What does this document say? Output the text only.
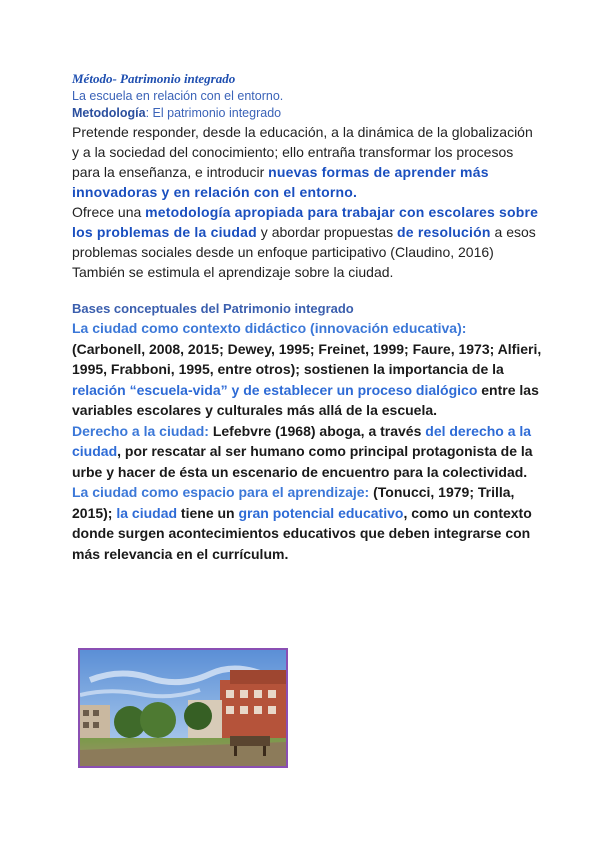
Método- Patrimonio integrado
La escuela en relación con el entorno.
Metodología: El patrimonio integrado
Pretende responder, desde la educación, a la dinámica de la globalización y a la sociedad del conocimiento; ello entraña transformar los procesos para la enseñanza, e introducir nuevas formas de aprender más innovadoras y en relación con el entorno.
Ofrece una metodología apropiada para trabajar con escolares sobre los problemas de la ciudad y abordar propuestas de resolución a esos problemas sociales desde un enfoque participativo (Claudino, 2016)
También se estimula el aprendizaje sobre la ciudad.
Bases conceptuales del Patrimonio integrado
La ciudad como contexto didáctico (innovación educativa): (Carbonell, 2008, 2015; Dewey, 1995; Freinet, 1999; Faure, 1973; Alfieri, 1995, Frabboni, 1995, entre otros); sostienen la importancia de la relación “escuela-vida” y de establecer un proceso dialógico entre las variables escolares y culturales más allá de la escuela.
Derecho a la ciudad: Lefebvre (1968) aboga, a través del derecho a la ciudad, por rescatar al ser humano como principal protagonista de la urbe y hacer de ésta un escenario de encuentro para la colectividad.
La ciudad como espacio para el aprendizaje: (Tonucci, 1979; Trilla, 2015); la ciudad tiene un gran potencial educativo, como un contexto donde surgen acontecimientos educativos que deben integrarse con más relevancia en el currículum.
